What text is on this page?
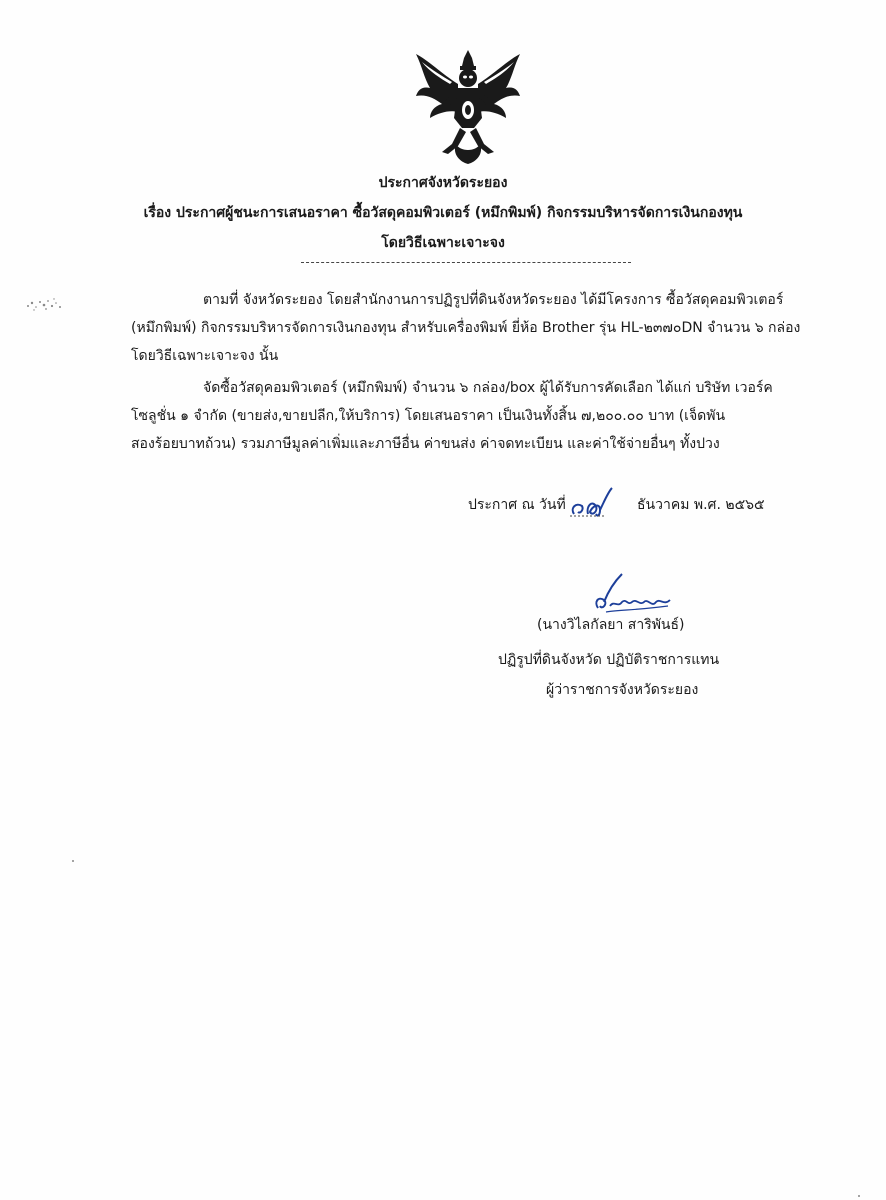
ประกาศจังหวัดระยอง
เรื่อง ประกาศผู้ชนะการเสนอราคา ซื้อวัสดุคอมพิวเตอร์ (หมึกพิมพ์) กิจกรรมบริหารจัดการเงินกองทุน
โดยวิธีเฉพาะเจาะจง
ตามที่ จังหวัดระยอง โดยสำนักงานการปฏิรูปที่ดินจังหวัดระยอง ได้มีโครงการ ซื้อวัสดุคอมพิวเตอร์
(หมึกพิมพ์) กิจกรรมบริหารจัดการเงินกองทุน สำหรับเครื่องพิมพ์ ยี่ห้อ Brother รุ่น HL-๒๓๗๐DN จำนวน ๖ กล่อง
โดยวิธีเฉพาะเจาะจง นั้น
จัดซื้อวัสดุคอมพิวเตอร์ (หมึกพิมพ์) จำนวน ๖ กล่อง/box ผู้ได้รับการคัดเลือก ได้แก่ บริษัท เวอร์ค
โซลูชั่น ๑ จำกัด (ขายส่ง,ขายปลีก,ให้บริการ) โดยเสนอราคา เป็นเงินทั้งสิ้น ๗,๒๐๐.๐๐ บาท (เจ็ดพัน
สองร้อยบาทถ้วน) รวมภาษีมูลค่าเพิ่มและภาษีอื่น ค่าขนส่ง ค่าจดทะเบียน และค่าใช้จ่ายอื่นๆ ทั้งปวง
ประกาศ ณ วันที่	ธันวาคม พ.ศ. ๒๕๖๕
(นางวิไลกัลยา สาริพันธ์)
ปฏิรูปที่ดินจังหวัด ปฏิบัติราชการแทน
ผู้ว่าราชการจังหวัดระยอง
